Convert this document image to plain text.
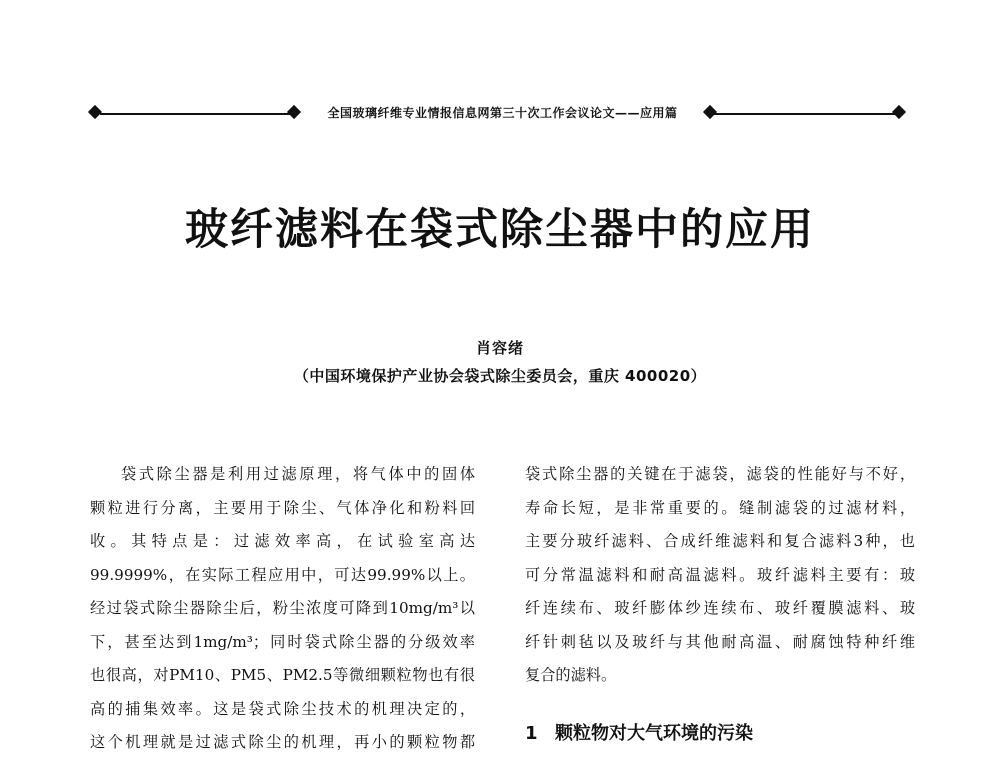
全国玻璃纤维专业情报信息网第三十次工作会议论文——应用篇
玻纤滤料在袋式除尘器中的应用
肖容绪
（中国环境保护产业协会袋式除尘委员会，重庆 400020）
袋式除尘器是利用过滤原理，将气体中的固体
颗粒进行分离，主要用于除尘、气体净化和粉料回
收。其特点是：过滤效率高，在试验室高达
99.9999%，在实际工程应用中，可达99.99%以上。
经过袋式除尘器除尘后，粉尘浓度可降到10mg/m³以
下，甚至达到1mg/m³；同时袋式除尘器的分级效率
也很高，对PM10、PM5、PM2.5等微细颗粒物也有很
高的捕集效率。这是袋式除尘技术的机理决定的，
这个机理就是过滤式除尘的机理，再小的颗粒物都
袋式除尘器的关键在于滤袋，滤袋的性能好与不好，
寿命长短，是非常重要的。缝制滤袋的过滤材料，
主要分玻纤滤料、合成纤维滤料和复合滤料3种，也
可分常温滤料和耐高温滤料。玻纤滤料主要有：玻
纤连续布、玻纤膨体纱连续布、玻纤覆膜滤料、玻
纤针刺毡以及玻纤与其他耐高温、耐腐蚀特种纤维
复合的滤料。
1 颗粒物对大气环境的污染
